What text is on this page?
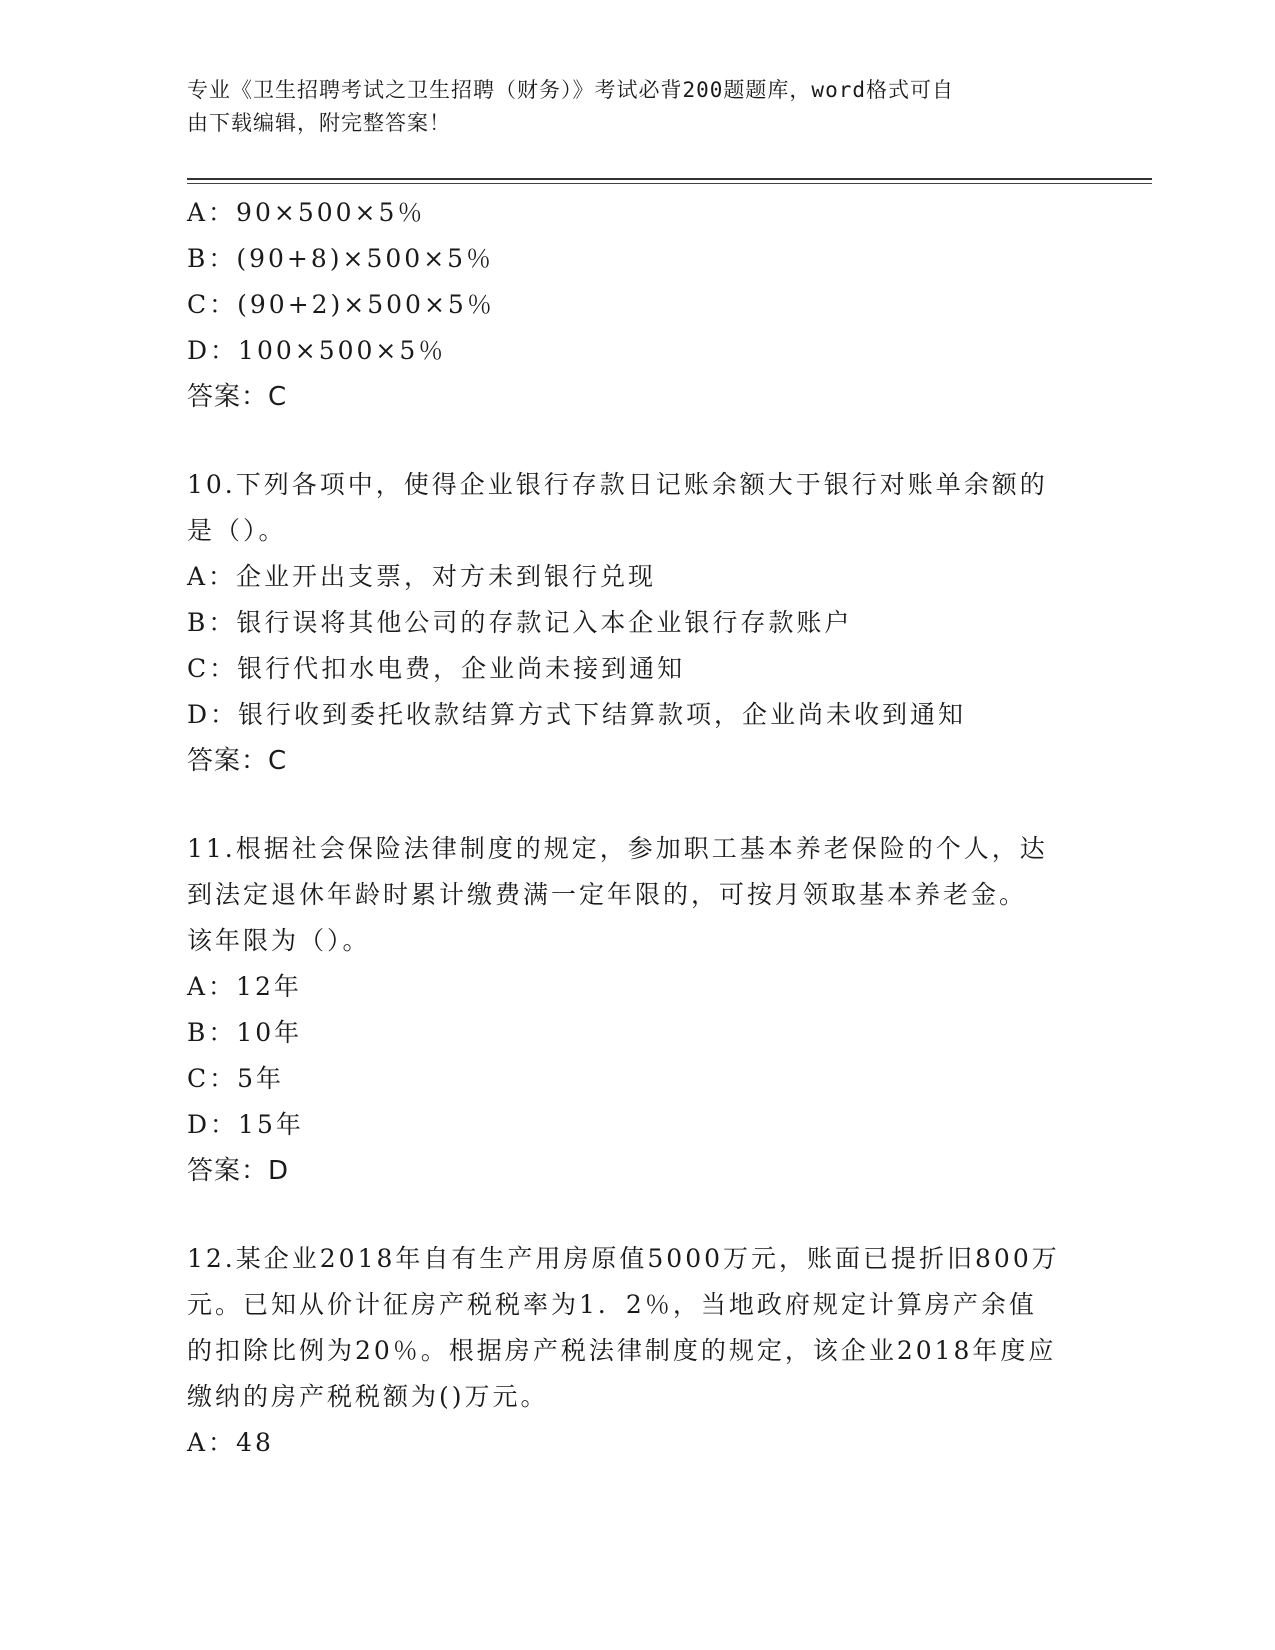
专业《卫生招聘考试之卫生招聘（财务）》考试必背200题题库，word格式可自
由下载编辑，附完整答案！
A：90×500×5％
B：(90+8)×500×5％
C：(90+2)×500×5％
D：100×500×5％
答案：C
10.下列各项中，使得企业银行存款日记账余额大于银行对账单余额的
是（）。
A：企业开出支票，对方未到银行兑现
B：银行误将其他公司的存款记入本企业银行存款账户
C：银行代扣水电费，企业尚未接到通知
D：银行收到委托收款结算方式下结算款项，企业尚未收到通知
答案：C
11.根据社会保险法律制度的规定，参加职工基本养老保险的个人，达
到法定退休年龄时累计缴费满一定年限的，可按月领取基本养老金。
该年限为（）。
A：12年
B：10年
C：5年
D：15年
答案：D
12.某企业2018年自有生产用房原值5000万元，账面已提折旧800万
元。已知从价计征房产税税率为1．2％，当地政府规定计算房产余值
的扣除比例为20％。根据房产税法律制度的规定，该企业2018年度应
缴纳的房产税税额为()万元。
A：48
